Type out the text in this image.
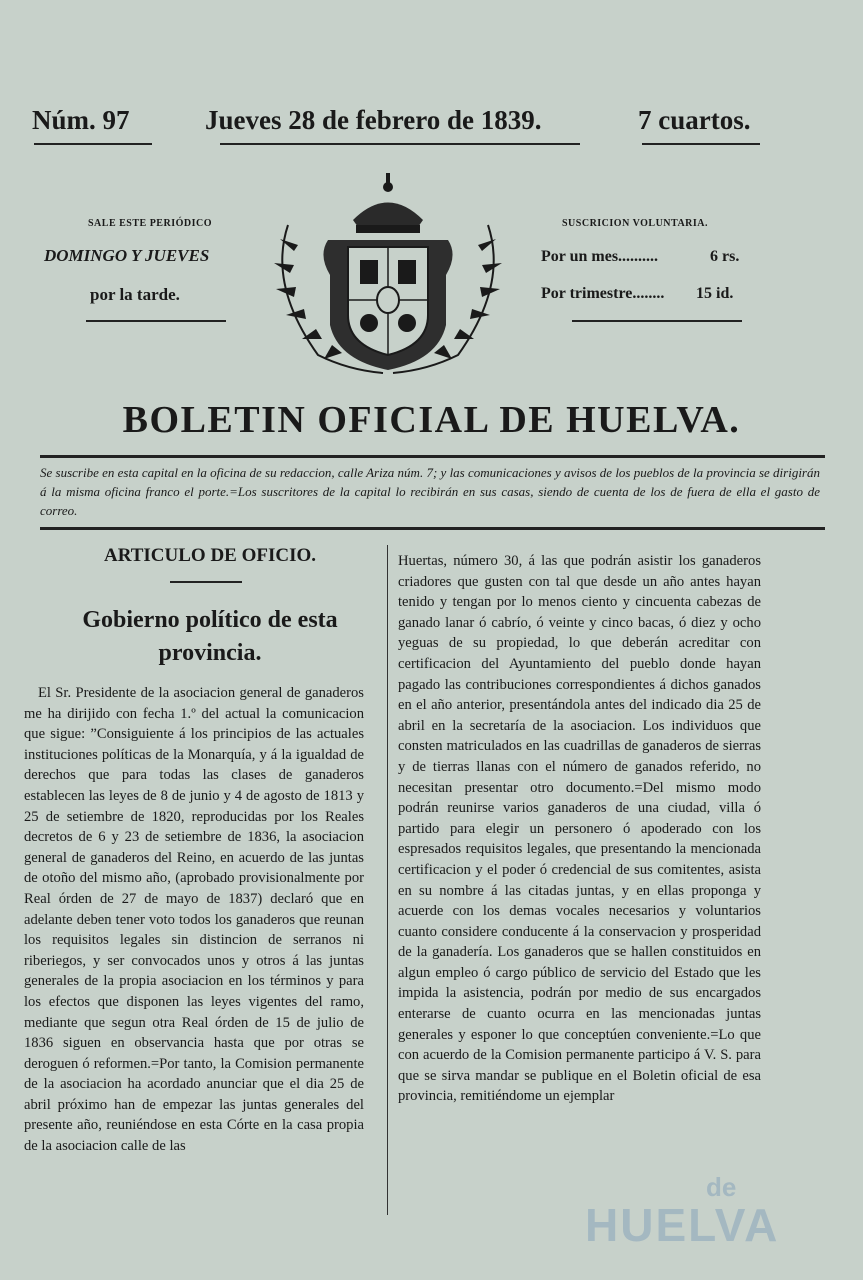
Núm. 97	Jueves 28 de febrero de 1839.	7 cuartos.
SALE ESTE PERIÓDICO
DOMINGO Y JUEVES
por la tarde.
SUSCRICION VOLUNTARIA.
Por un mes..........	6 rs.
Por trimestre........ 15 id.
BOLETIN OFICIAL DE HUELVA.
Se suscribe en esta capital en la oficina de su redaccion, calle Ariza núm. 7; y las comunicaciones y avisos de los pueblos de la provincia se dirigirán á la misma oficina franco el porte.=Los suscritores de la capital lo recibirán en sus casas, siendo de cuenta de los de fuera de ella el gasto de correo.
ARTICULO DE OFICIO.
Gobierno político de esta provincia.

El Sr. Presidente de la asociacion general de ganaderos me ha dirijido con fecha 1.º del actual la comunicacion que sigue: ”Consiguiente á los principios de las actuales instituciones políticas de la Monarquía, y á la igualdad de derechos que para todas las clases de ganaderos establecen las leyes de 8 de junio y 4 de agosto de 1813 y 25 de setiembre de 1820, reproducidas por los Reales decretos de 6 y 23 de setiembre de 1836, la asociacion general de ganaderos del Reino, en acuerdo de las juntas de otoño del mismo año, (aprobado provisionalmente por Real órden de 27 de mayo de 1837) declaró que en adelante deben tener voto todos los ganaderos que reunan los requisitos legales sin distincion de serranos ni riberiegos, y ser convocados unos y otros á las juntas generales de la propia asociacion en los términos y para los efectos que disponen las leyes vigentes del ramo, mediante que segun otra Real órden de 15 de julio de 1836 siguen en observancia hasta que por otras se deroguen ó reformen.=Por tanto, la Comision permanente de la asociacion ha acordado anunciar que el dia 25 de abril próximo han de empezar las juntas generales del presente año, reuniéndose en esta Córte en la casa propia de la asociacion calle de las

Huertas, número 30, á las que podrán asistir los ganaderos criadores que gusten con tal que desde un año antes hayan tenido y tengan por lo menos ciento y cincuenta cabezas de ganado lanar ó cabrío, ó veinte y cinco bacas, ó diez y ocho yeguas de su propiedad, lo que deberán acreditar con certificacion del Ayuntamiento del pueblo donde hayan pagado las contribuciones correspondientes á dichos ganados en el año anterior, presentándola antes del indicado dia 25 de abril en la secretaría de la asociacion. Los individuos que consten matriculados en las cuadrillas de ganaderos de sierras y de tierras llanas con el número de ganados referido, no necesitan presentar otro documento.=Del mismo modo podrán reunirse varios ganaderos de una ciudad, villa ó partido para elegir un personero ó apoderado con los espresados requisitos legales, que presentando la mencionada certificacion y el poder ó credencial de sus comitentes, asista en su nombre á las citadas juntas, y en ellas proponga y acuerde con los demas vocales necesarios y voluntarios cuanto considere conducente á la conservacion y prosperidad de la ganadería. Los ganaderos que se hallen constituidos en algun empleo ó cargo público de servicio del Estado que les impida la asistencia, podrán por medio de sus encargados enterarse de cuanto ocurra en las mencionadas juntas generales y esponer lo que conceptúen conveniente.=Lo que con acuerdo de la Comision permanente participo á V. S. para que se sirva mandar se publique en el Boletin oficial de esa provincia, remitiéndome un ejemplar

de
HUELVA
